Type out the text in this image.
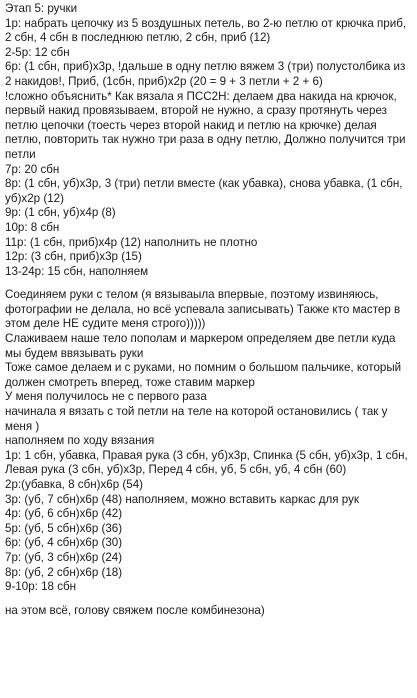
Этап 5: ручки
1р: набрать цепочку из 5 воздушных петель, во 2-ю петлю от крючка приб, 2 сбн, 4 сбн в последнюю петлю, 2 сбн, приб (12)
2-5р: 12 сбн
6р: (1 сбн, приб)х3р, !дальше в одну петлю вяжем 3 (три) полустолбика из 2 накидов!, Приб, (1сбн, приб)х2р (20 = 9 + 3 петли + 2 + 6)
!сложно объяснить* Как вязала я ПСС2Н: делаем два накида на крючок, первый накид провязываем, второй не нужно, а сразу протянуть через петлю цепочки (тоесть через второй накид и петлю на крючке) делая петлю, повторить так нужно три раза в одну петлю, Должно получится три петли
7р: 20 сбн
8р: (1 сбн, уб)х3р, 3 (три) петли вместе (как убавка), снова убавка, (1 сбн, уб)х2р (12)
9р: (1 сбн, уб)х4р (8)
10р: 8 сбн
11р: (1 сбн, приб)х4р (12) наполнить не плотно
12р: (3 сбн, приб)х3р (15)
13-24р: 15 сбн, наполняем
Соединяем руки с телом (я вязываыла впервые, поэтому извиняюсь, фотографии не делала, но всё успевала записывать) Также кто мастер в этом деле НЕ судите меня строго)))))
Слаживаем наше тело пополам и маркером определяем две петли куда мы будем ввязывать руки
Тоже самое делаем и с руками, но помним о большом пальчике, который должен смотреть вперед, тоже ставим маркер
У меня получилось не с первого раза
начинала я вязать с той петли на теле на которой остановились ( так у меня )
наполняем по ходу вязания
1р: 1 сбн, убавка, Правая рука (3 сбн, уб)х3р, Спинка (5 сбн, уб)х3р, 1 сбн, Левая рука (3 сбн, уб)х3р, Перед 4 сбн, уб, 5 сбн, уб, 4 сбн (60)
2р:(убавка, 8 сбн)х6р (54)
3р: (уб, 7 сбн)х6р (48) наполняем, можно вставить каркас для рук
4р: (уб, 6 сбн)х6р (42)
5р: (уб, 5 сбн)х6р (36)
6р: (уб, 4 сбн)х6р (30)
7р: (уб, 3 сбн)х6р (24)
8р: (уб, 2 сбн)х6р (18)
9-10р: 18 сбн
на этом всё, голову свяжем после комбинезона)
